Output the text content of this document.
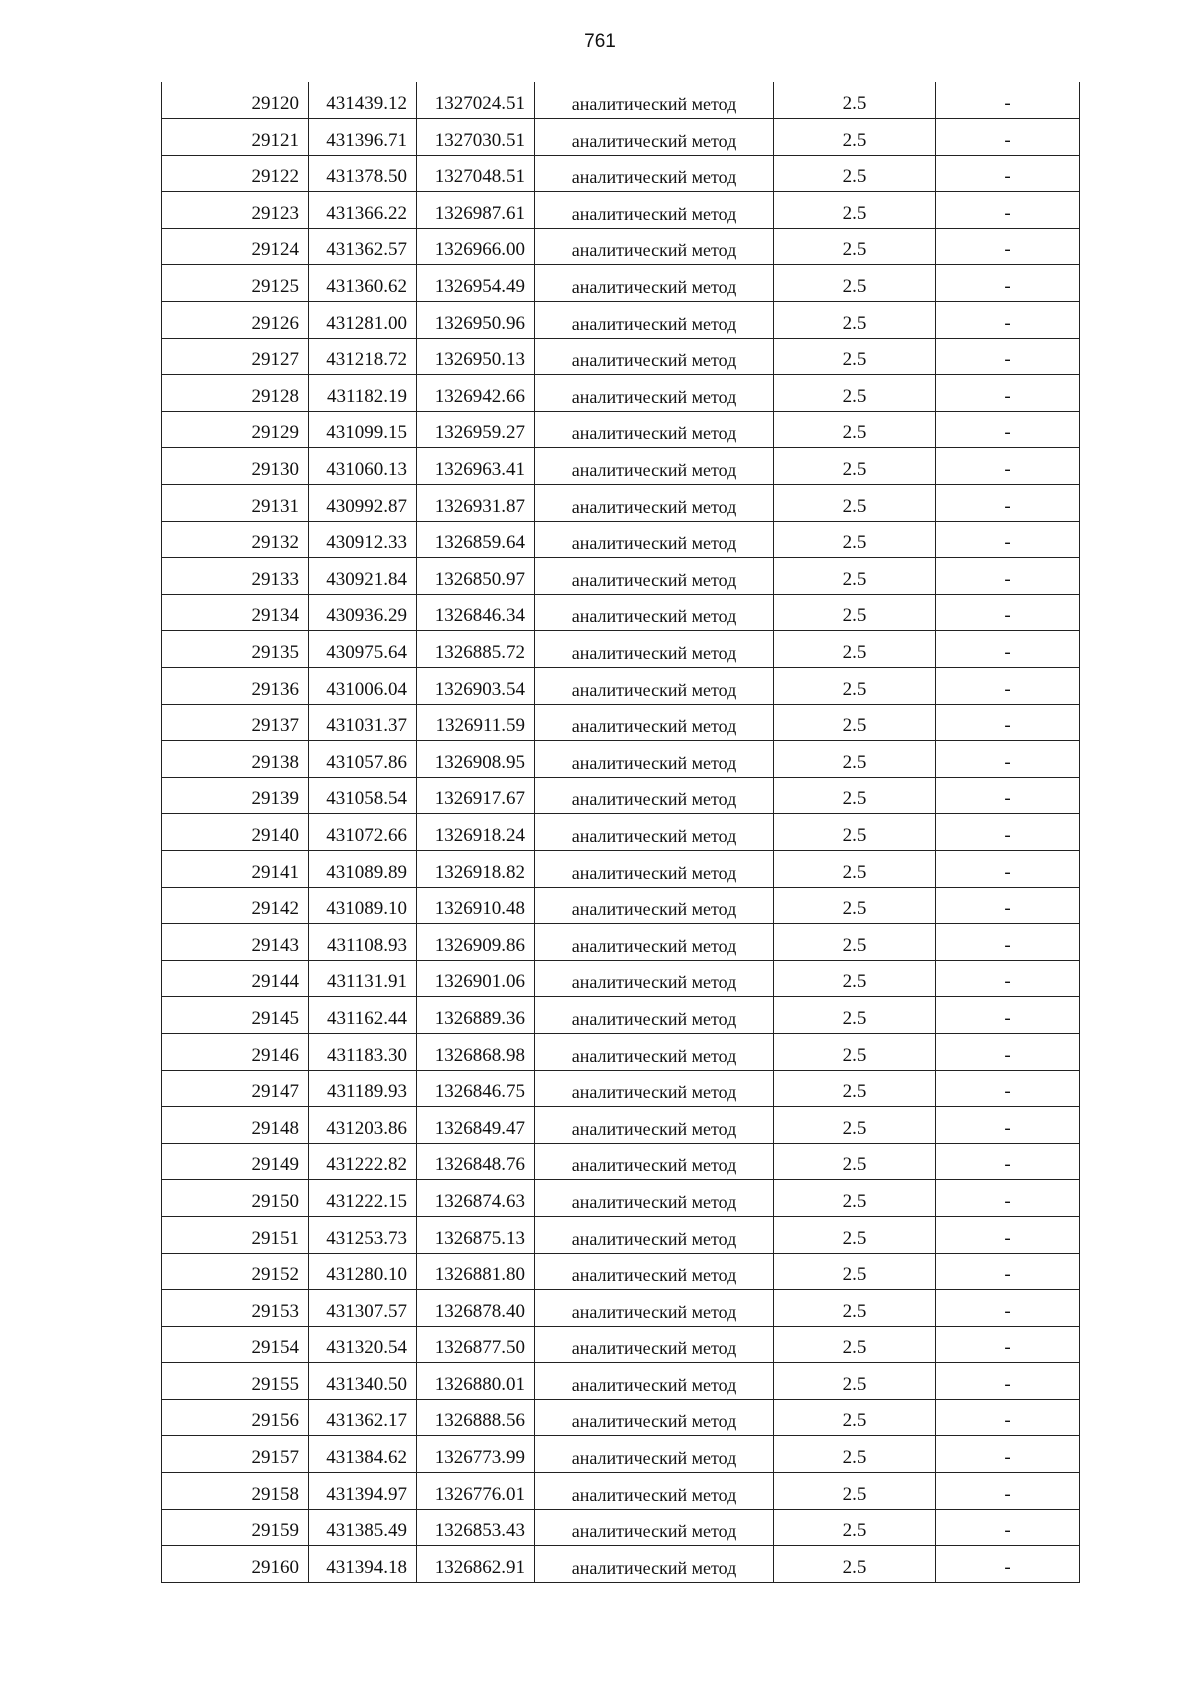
761
29120	431439.12	1327024.51	аналитический метод	2.5	-
29121	431396.71	1327030.51	аналитический метод	2.5	-
29122	431378.50	1327048.51	аналитический метод	2.5	-
29123	431366.22	1326987.61	аналитический метод	2.5	-
29124	431362.57	1326966.00	аналитический метод	2.5	-
29125	431360.62	1326954.49	аналитический метод	2.5	-
29126	431281.00	1326950.96	аналитический метод	2.5	-
29127	431218.72	1326950.13	аналитический метод	2.5	-
29128	431182.19	1326942.66	аналитический метод	2.5	-
29129	431099.15	1326959.27	аналитический метод	2.5	-
29130	431060.13	1326963.41	аналитический метод	2.5	-
29131	430992.87	1326931.87	аналитический метод	2.5	-
29132	430912.33	1326859.64	аналитический метод	2.5	-
29133	430921.84	1326850.97	аналитический метод	2.5	-
29134	430936.29	1326846.34	аналитический метод	2.5	-
29135	430975.64	1326885.72	аналитический метод	2.5	-
29136	431006.04	1326903.54	аналитический метод	2.5	-
29137	431031.37	1326911.59	аналитический метод	2.5	-
29138	431057.86	1326908.95	аналитический метод	2.5	-
29139	431058.54	1326917.67	аналитический метод	2.5	-
29140	431072.66	1326918.24	аналитический метод	2.5	-
29141	431089.89	1326918.82	аналитический метод	2.5	-
29142	431089.10	1326910.48	аналитический метод	2.5	-
29143	431108.93	1326909.86	аналитический метод	2.5	-
29144	431131.91	1326901.06	аналитический метод	2.5	-
29145	431162.44	1326889.36	аналитический метод	2.5	-
29146	431183.30	1326868.98	аналитический метод	2.5	-
29147	431189.93	1326846.75	аналитический метод	2.5	-
29148	431203.86	1326849.47	аналитический метод	2.5	-
29149	431222.82	1326848.76	аналитический метод	2.5	-
29150	431222.15	1326874.63	аналитический метод	2.5	-
29151	431253.73	1326875.13	аналитический метод	2.5	-
29152	431280.10	1326881.80	аналитический метод	2.5	-
29153	431307.57	1326878.40	аналитический метод	2.5	-
29154	431320.54	1326877.50	аналитический метод	2.5	-
29155	431340.50	1326880.01	аналитический метод	2.5	-
29156	431362.17	1326888.56	аналитический метод	2.5	-
29157	431384.62	1326773.99	аналитический метод	2.5	-
29158	431394.97	1326776.01	аналитический метод	2.5	-
29159	431385.49	1326853.43	аналитический метод	2.5	-
29160	431394.18	1326862.91	аналитический метод	2.5	-
